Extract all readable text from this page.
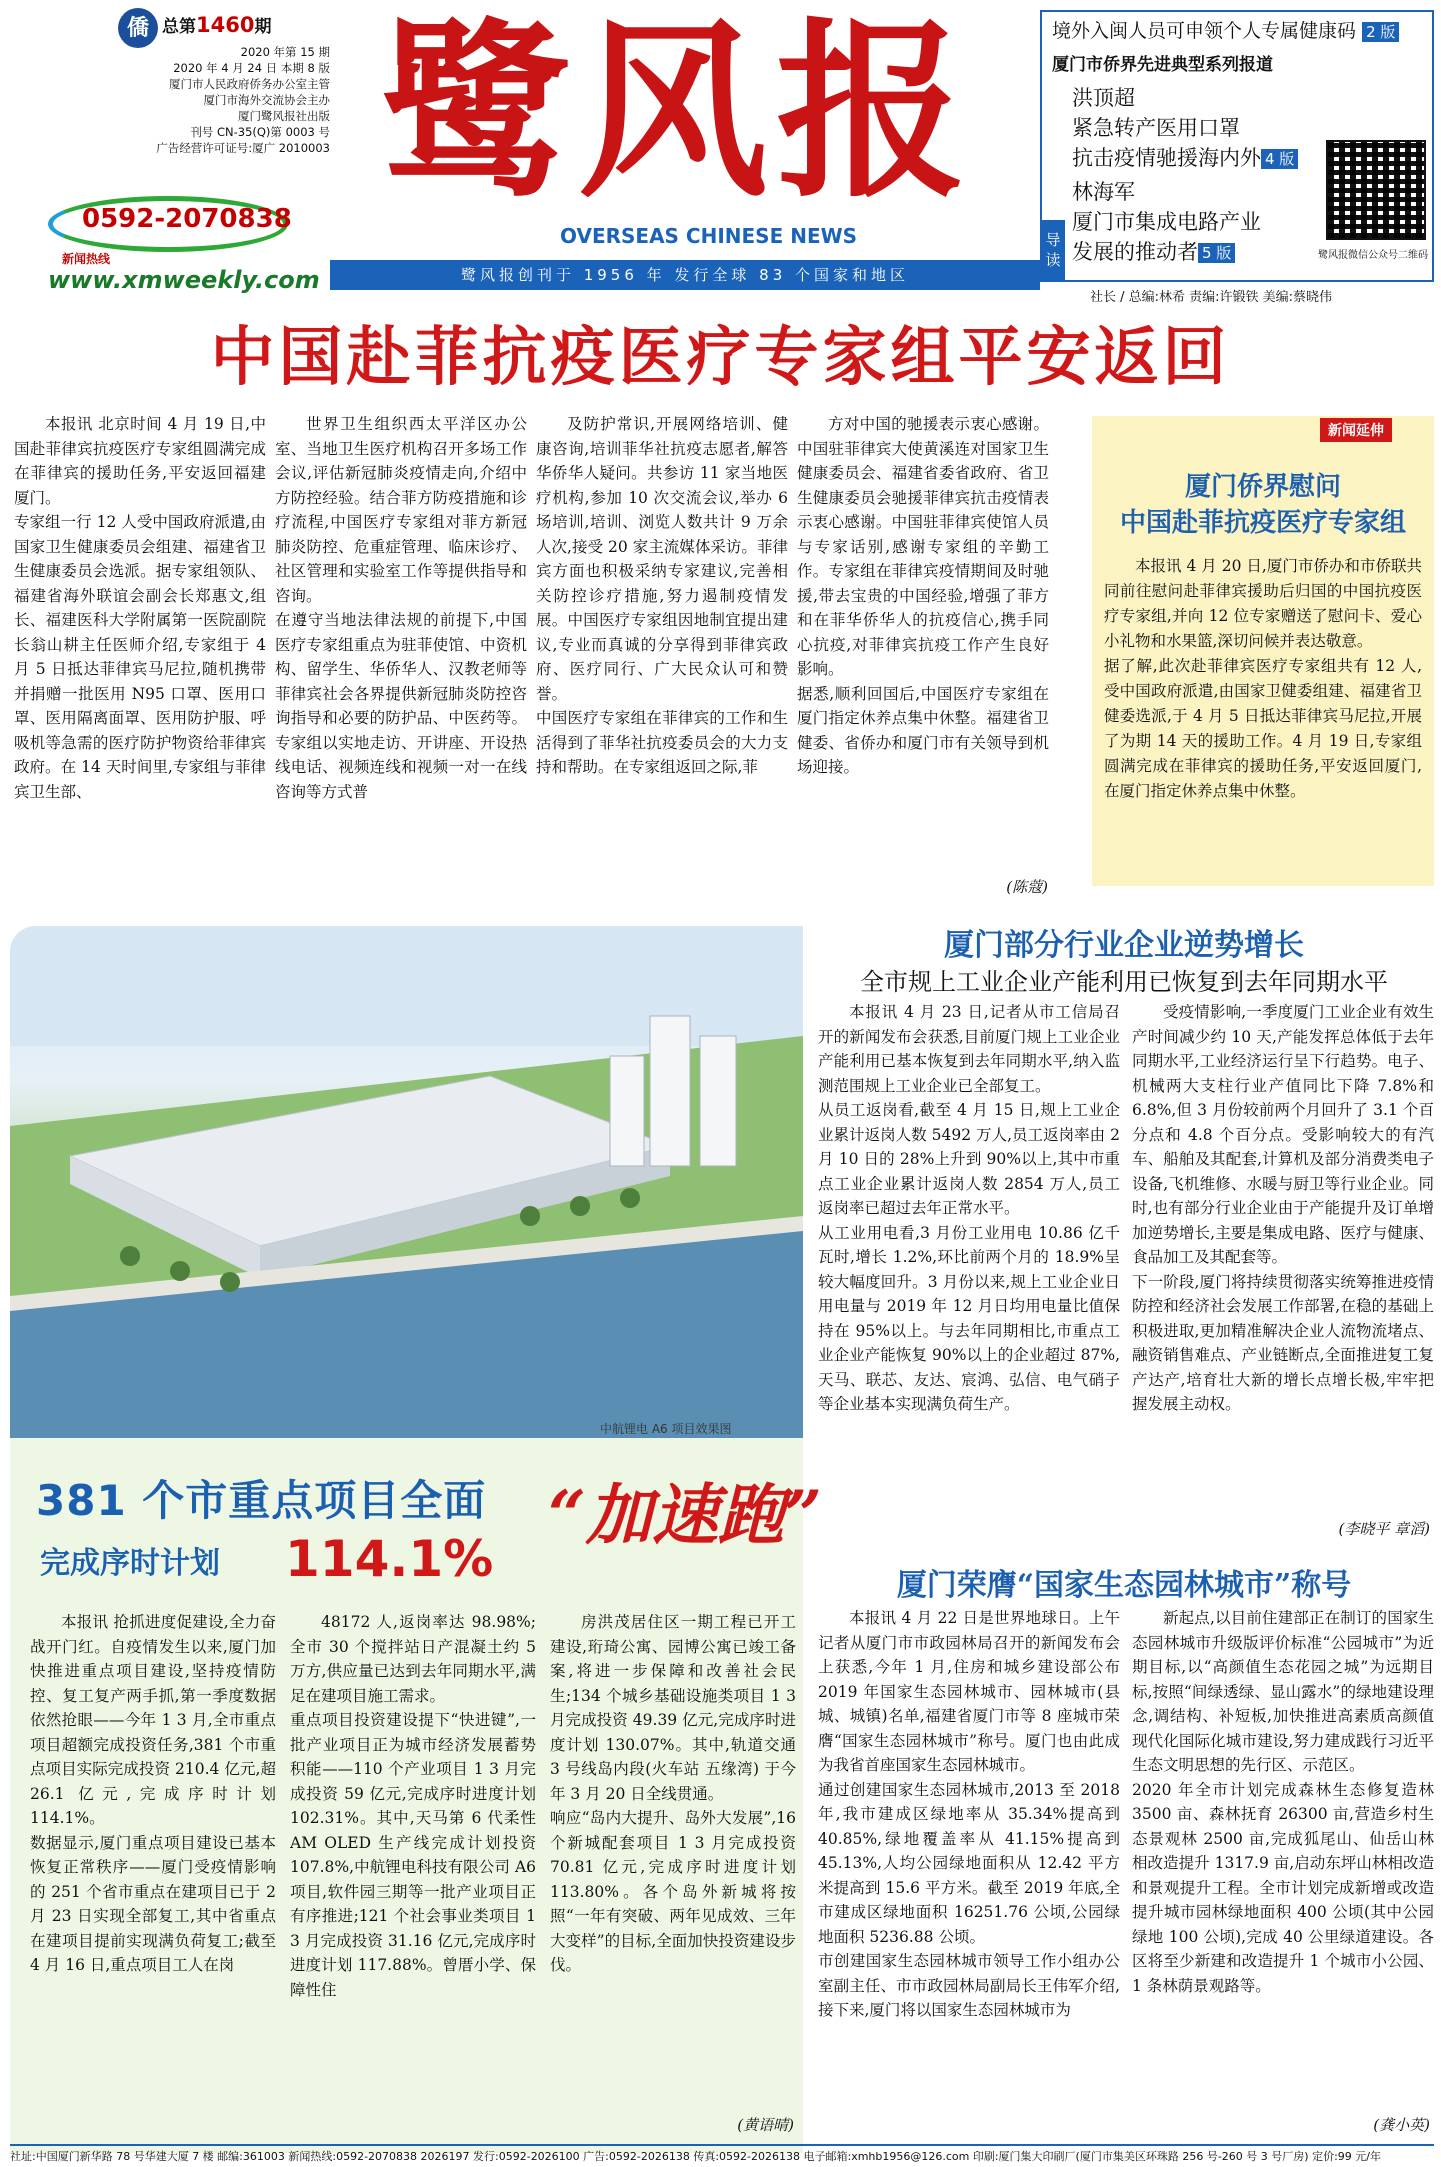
僑 总第1460期
2020 年第 15 期
2020 年 4 月 24 日 本期 8 版
厦门市人民政府侨务办公室主管
厦门市海外交流协会主办
厦门鹭风报社出版
刊号 CN-35(Q)第 0003 号
广告经营许可证号:厦广 2010003
0592-2070838
新闻热线
www.xmweekly.com
鹭风报
OVERSEAS CHINESE NEWS
鹭风报创刊于 1956 年 发行全球 83 个国家和地区
导读
境外入闽人员可申领个人专属健康码 2 版
厦门市侨界先进典型系列报道
洪顶超
紧急转产医用口罩
抗击疫情驰援海内外 4 版
林海军
厦门市集成电路产业
发展的推动者 5 版	鹭风报微信公众号二维码
社长 / 总编:林希 责编:许锻铁 美编:蔡晓伟
中国赴菲抗疫医疗专家组平安返回
本报讯 北京时间 4 月 19 日,中国赴菲律宾抗疫医疗专家组圆满完成在菲律宾的援助任务,平安返回福建厦门。
专家组一行 12 人受中国政府派遣,由国家卫生健康委员会组建、福建省卫生健康委员会选派。据专家组领队、福建省海外联谊会副会长郑惠文,组长、福建医科大学附属第一医院副院长翁山耕主任医师介绍,专家组于 4 月 5 日抵达菲律宾马尼拉,随机携带并捐赠一批医用 N95 口罩、医用口罩、医用隔离面罩、医用防护服、呼吸机等急需的医疗防护物资给菲律宾政府。在 14 天时间里,专家组与菲律宾卫生部、
世界卫生组织西太平洋区办公室、当地卫生医疗机构召开多场工作会议,评估新冠肺炎疫情走向,介绍中方防控经验。结合菲方防疫措施和诊疗流程,中国医疗专家组对菲方新冠肺炎防控、危重症管理、临床诊疗、社区管理和实验室工作等提供指导和咨询。
在遵守当地法律法规的前提下,中国医疗专家组重点为驻菲使馆、中资机构、留学生、华侨华人、汉教老师等菲律宾社会各界提供新冠肺炎防控咨询指导和必要的防护品、中医药等。专家组以实地走访、开讲座、开设热线电话、视频连线和视频一对一在线咨询等方式普
及防护常识,开展网络培训、健康咨询,培训菲华社抗疫志愿者,解答华侨华人疑问。共参访 11 家当地医疗机构,参加 10 次交流会议,举办 6 场培训,培训、浏览人数共计 9 万余人次,接受 20 家主流媒体采访。菲律宾方面也积极采纳专家建议,完善相关防控诊疗措施,努力遏制疫情发展。中国医疗专家组因地制宜提出建议,专业而真诚的分享得到菲律宾政府、医疗同行、广大民众认可和赞誉。
中国医疗专家组在菲律宾的工作和生活得到了菲华社抗疫委员会的大力支持和帮助。在专家组返回之际,菲
方对中国的驰援表示衷心感谢。中国驻菲律宾大使黄溪连对国家卫生健康委员会、福建省委省政府、省卫生健康委员会驰援菲律宾抗击疫情表示衷心感谢。中国驻菲律宾使馆人员与专家话别,感谢专家组的辛勤工作。专家组在菲律宾疫情期间及时驰援,带去宝贵的中国经验,增强了菲方和在菲华侨华人的抗疫信心,携手同心抗疫,对菲律宾抗疫工作产生良好影响。
据悉,顺利回国后,中国医疗专家组在厦门指定休养点集中休整。福建省卫健委、省侨办和厦门市有关领导到机场迎接。
(陈蔻)
新闻延伸
厦门侨界慰问
中国赴菲抗疫医疗专家组
本报讯 4 月 20 日,厦门市侨办和市侨联共同前往慰问赴菲律宾援助后归国的中国抗疫医疗专家组,并向 12 位专家赠送了慰问卡、爱心小礼物和水果篮,深切问候并表达敬意。
据了解,此次赴菲律宾医疗专家组共有 12 人,受中国政府派遣,由国家卫健委组建、福建省卫健委选派,于 4 月 5 日抵达菲律宾马尼拉,开展了为期 14 天的援助工作。4 月 19 日,专家组圆满完成在菲律宾的援助任务,平安返回厦门,在厦门指定休养点集中休整。
中航锂电 A6 项目效果图
381 个市重点项目全面 “加速跑”
完成序时计划 114.1%
本报讯 抢抓进度促建设,全力奋战开门红。自疫情发生以来,厦门加快推进重点项目建设,坚持疫情防控、复工复产两手抓,第一季度数据依然抢眼——今年 1 3 月,全市重点项目超额完成投资任务,381 个市重点项目实际完成投资 210.4 亿元,超 26.1 亿元,完成序时计划 114.1%。
数据显示,厦门重点项目建设已基本恢复正常秩序——厦门受疫情影响的 251 个省市重点在建项目已于 2 月 23 日实现全部复工,其中省重点在建项目提前实现满负荷复工;截至 4 月 16 日,重点项目工人在岗
48172 人,返岗率达 98.98%;全市 30 个搅拌站日产混凝土约 5 万方,供应量已达到去年同期水平,满足在建项目施工需求。
重点项目投资建设提下“快进键”,一批产业项目正为城市经济发展蓄势积能——110 个产业项目 1 3 月完成投资 59 亿元,完成序时进度计划 102.31%。其中,天马第 6 代柔性 AM OLED 生产线完成计划投资 107.8%,中航锂电科技有限公司 A6 项目,软件园三期等一批产业项目正有序推进;121 个社会事业类项目 1 3 月完成投资 31.16 亿元,完成序时进度计划 117.88%。曾厝小学、保障性住
房洪茂居住区一期工程已开工建设,珩琦公寓、园博公寓已竣工备案,将进一步保障和改善社会民生;134 个城乡基础设施类项目 1 3 月完成投资 49.39 亿元,完成序时进度计划 130.07%。其中,轨道交通 3 号线岛内段(火车站 五缘湾) 于今年 3 月 20 日全线贯通。
响应“岛内大提升、岛外大发展”,16 个新城配套项目 1 3 月完成投资 70.81 亿元,完成序时进度计划 113.80%。各个岛外新城将按照“一年有突破、两年见成效、三年大变样”的目标,全面加快投资建设步伐。
(黄语晴)
厦门部分行业企业逆势增长
全市规上工业企业产能利用已恢复到去年同期水平
本报讯 4 月 23 日,记者从市工信局召开的新闻发布会获悉,目前厦门规上工业企业产能利用已基本恢复到去年同期水平,纳入监测范围规上工业企业已全部复工。
从员工返岗看,截至 4 月 15 日,规上工业企业累计返岗人数 5492 万人,员工返岗率由 2 月 10 日的 28%上升到 90%以上,其中市重点工业企业累计返岗人数 2854 万人,员工返岗率已超过去年正常水平。
从工业用电看,3 月份工业用电 10.86 亿千瓦时,增长 1.2%,环比前两个月的 18.9%呈较大幅度回升。3 月份以来,规上工业企业日用电量与 2019 年 12 月日均用电量比值保持在 95%以上。与去年同期相比,市重点工业企业产能恢复 90%以上的企业超过 87%,天马、联芯、友达、宸鸿、弘信、电气硝子等企业基本实现满负荷生产。
受疫情影响,一季度厦门工业企业有效生产时间减少约 10 天,产能发挥总体低于去年同期水平,工业经济运行呈下行趋势。电子、机械两大支柱行业产值同比下降 7.8%和 6.8%,但 3 月份较前两个月回升了 3.1 个百分点和 4.8 个百分点。受影响较大的有汽车、船舶及其配套,计算机及部分消费类电子设备,飞机维修、水暖与厨卫等行业企业。同时,也有部分行业企业由于产能提升及订单增加逆势增长,主要是集成电路、医疗与健康、食品加工及其配套等。
下一阶段,厦门将持续贯彻落实统筹推进疫情防控和经济社会发展工作部署,在稳的基础上积极进取,更加精准解决企业人流物流堵点、融资销售难点、产业链断点,全面推进复工复产达产,培育壮大新的增长点增长极,牢牢把握发展主动权。
(李晓平 章滔)
厦门荣膺“国家生态园林城市”称号
本报讯 4 月 22 日是世界地球日。上午记者从厦门市市政园林局召开的新闻发布会上获悉,今年 1 月,住房和城乡建设部公布 2019 年国家生态园林城市、园林城市(县城、城镇)名单,福建省厦门市等 8 座城市荣膺“国家生态园林城市”称号。厦门也由此成为我省首座国家生态园林城市。
通过创建国家生态园林城市,2013 至 2018 年,我市建成区绿地率从 35.34%提高到 40.85%,绿地覆盖率从 41.15%提高到 45.13%,人均公园绿地面积从 12.42 平方米提高到 15.6 平方米。截至 2019 年底,全市建成区绿地面积 16251.76 公顷,公园绿地面积 5236.88 公顷。
市创建国家生态园林城市领导工作小组办公室副主任、市市政园林局副局长王伟军介绍,接下来,厦门将以国家生态园林城市为
新起点,以目前住建部正在制订的国家生态园林城市升级版评价标准“公园城市”为近期目标,以“高颜值生态花园之城”为远期目标,按照“间绿透绿、显山露水”的绿地建设理念,调结构、补短板,加快推进高素质高颜值现代化国际化城市建设,努力建成践行习近平生态文明思想的先行区、示范区。
2020 年全市计划完成森林生态修复造林 3500 亩、森林抚育 26300 亩,营造乡村生态景观林 2500 亩,完成狐尾山、仙岳山林相改造提升 1317.9 亩,启动东坪山林相改造和景观提升工程。全市计划完成新增或改造提升城市园林绿地面积 400 公顷(其中公园绿地 100 公顷),完成 40 公里绿道建设。各区将至少新建和改造提升 1 个城市小公园、1 条林荫景观路等。
(龚小英)
社址:中国厦门新华路 78 号华建大厦 7 楼 邮编:361003 新闻热线:0592-2070838 2026197 发行:0592-2026100 广告:0592-2026138 传真:0592-2026138 电子邮箱:xmhb1956@126.com 印刷:厦门集大印刷厂(厦门市集美区环珠路 256 号-260 号 3 号厂房) 定价:99 元/年
